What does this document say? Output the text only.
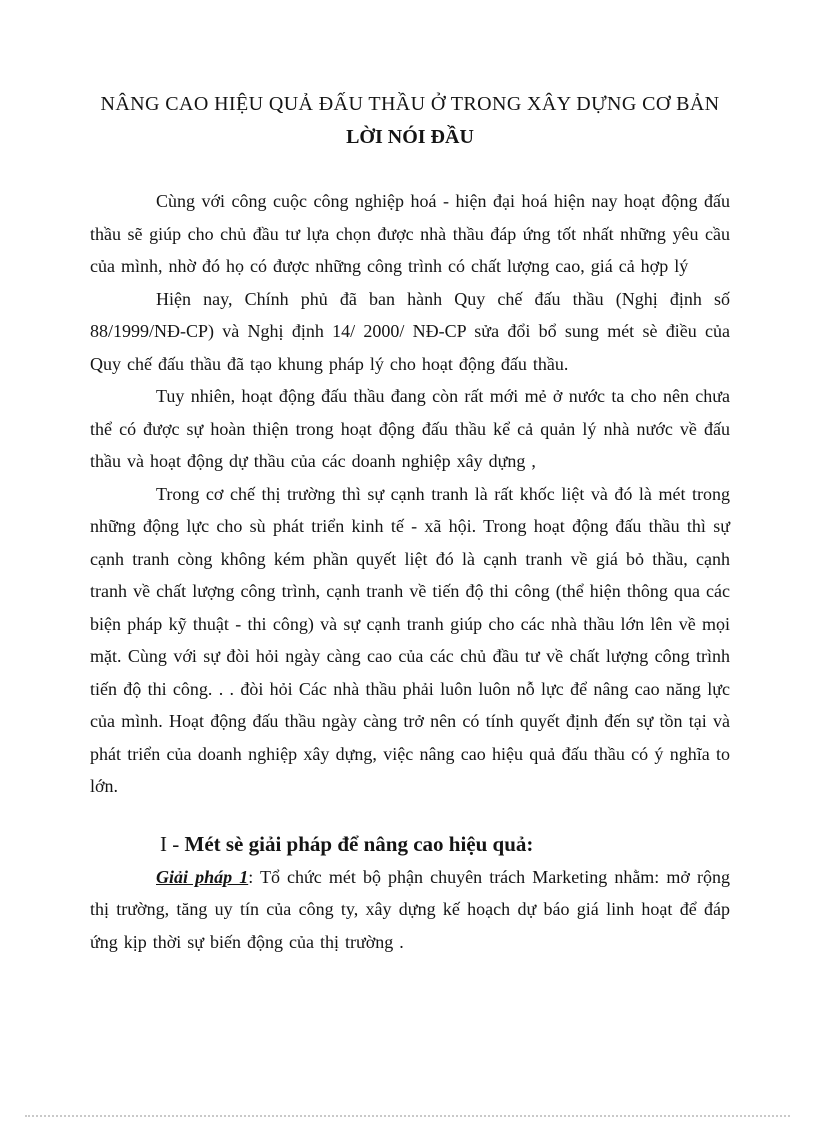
NÂNG CAO HIỆU QUẢ ĐẤU THẦU Ở TRONG XÂY DỰNG CƠ BẢN
LỜI NÓI ĐẦU

Cùng với công cuộc công nghiệp hoá - hiện đại hoá hiện nay hoạt động đấu thầu sẽ giúp cho chủ đầu tư lựa chọn được nhà thầu đáp ứng tốt nhất những yêu cầu của mình, nhờ đó họ có được những công trình có chất lượng cao, giá cả hợp lý

Hiện nay, Chính phủ đã ban hành Quy chế đấu thầu (Nghị định số 88/1999/NĐ-CP) và Nghị định 14/ 2000/ NĐ-CP sửa đổi bổ sung mét sè điều của Quy chế đấu thầu đã tạo khung pháp lý cho hoạt động đấu thầu.

Tuy nhiên, hoạt động đấu thầu đang còn rất mới mẻ ở nước ta cho nên chưa thể có được sự hoàn thiện trong hoạt động đấu thầu kể cả quản lý nhà nước về đấu thầu và hoạt động dự thầu của các doanh nghiệp xây dựng ,

Trong cơ chế thị trường thì sự cạnh tranh là rất khốc liệt và đó là mét trong những động lực cho sù phát triển kinh tế - xã hội. Trong hoạt động đấu thầu thì sự cạnh tranh còng không kém phần quyết liệt đó là cạnh tranh về giá bỏ thầu, cạnh tranh về chất lượng công trình, cạnh tranh về tiến độ thi công (thể hiện thông qua các biện pháp kỹ thuật - thi công) và sự cạnh tranh giúp cho các nhà thầu lớn lên về mọi mặt. Cùng với sự đòi hỏi ngày càng cao của các chủ đầu tư về chất lượng công trình tiến độ thi công. . . đòi hỏi Các nhà thầu phải luôn luôn nỗ lực để nâng cao năng lực của mình. Hoạt động đấu thầu ngày càng trở nên có tính quyết định đến sự tồn tại và phát triển của doanh nghiệp xây dựng, việc nâng cao hiệu quả đấu thầu có ý nghĩa to lớn.

I - Mét sè giải pháp để nâng cao hiệu quả:

Giải pháp 1: Tổ chức mét bộ phận chuyên trách Marketing nhằm: mở rộng thị trường, tăng uy tín của công ty, xây dựng kế hoạch dự báo giá linh hoạt để đáp ứng kịp thời sự biến động của thị trường .
